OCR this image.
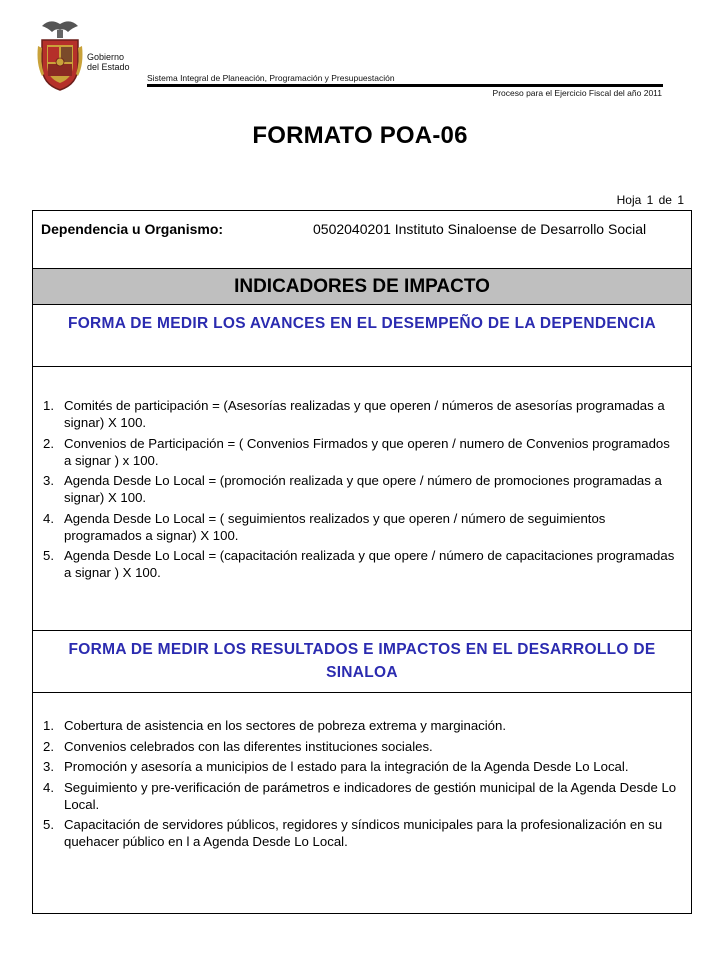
Gobierno
del Estado
Sistema Integral de Planeación, Programación y Presupuestación
Proceso para el Ejercicio Fiscal del año 2011
FORMATO POA-06
Hoja 1 de 1
Dependencia u Organismo:	0502040201 Instituto Sinaloense de Desarrollo Social
INDICADORES DE IMPACTO
FORMA DE MEDIR LOS AVANCES EN EL DESEMPEÑO DE LA DEPENDENCIA
1. Comités de participación = (Asesorías realizadas y que operen / números de asesorías programadas a signar) X 100.
2. Convenios de Participación = ( Convenios Firmados y que operen / numero de Convenios programados a signar ) x 100.
3. Agenda Desde Lo Local = (promoción realizada y que opere / número de promociones programadas a signar) X 100.
4. Agenda Desde Lo Local = ( seguimientos realizados y que operen / número de seguimientos programados a signar) X 100.
5. Agenda Desde Lo Local = (capacitación realizada y que opere / número de capacitaciones programadas a signar ) X 100.
FORMA DE MEDIR LOS RESULTADOS E IMPACTOS EN EL DESARROLLO DE SINALOA
1. Cobertura de asistencia en los sectores de pobreza extrema y marginación.
2. Convenios celebrados con las diferentes instituciones sociales.
3. Promoción y asesoría a municipios de l estado para la integración de la Agenda Desde Lo Local.
4. Seguimiento y pre-verificación de parámetros e indicadores de gestión municipal de la Agenda Desde Lo Local.
5. Capacitación de servidores públicos, regidores y síndicos municipales para la profesionalización en su quehacer público en l a Agenda Desde Lo Local.
